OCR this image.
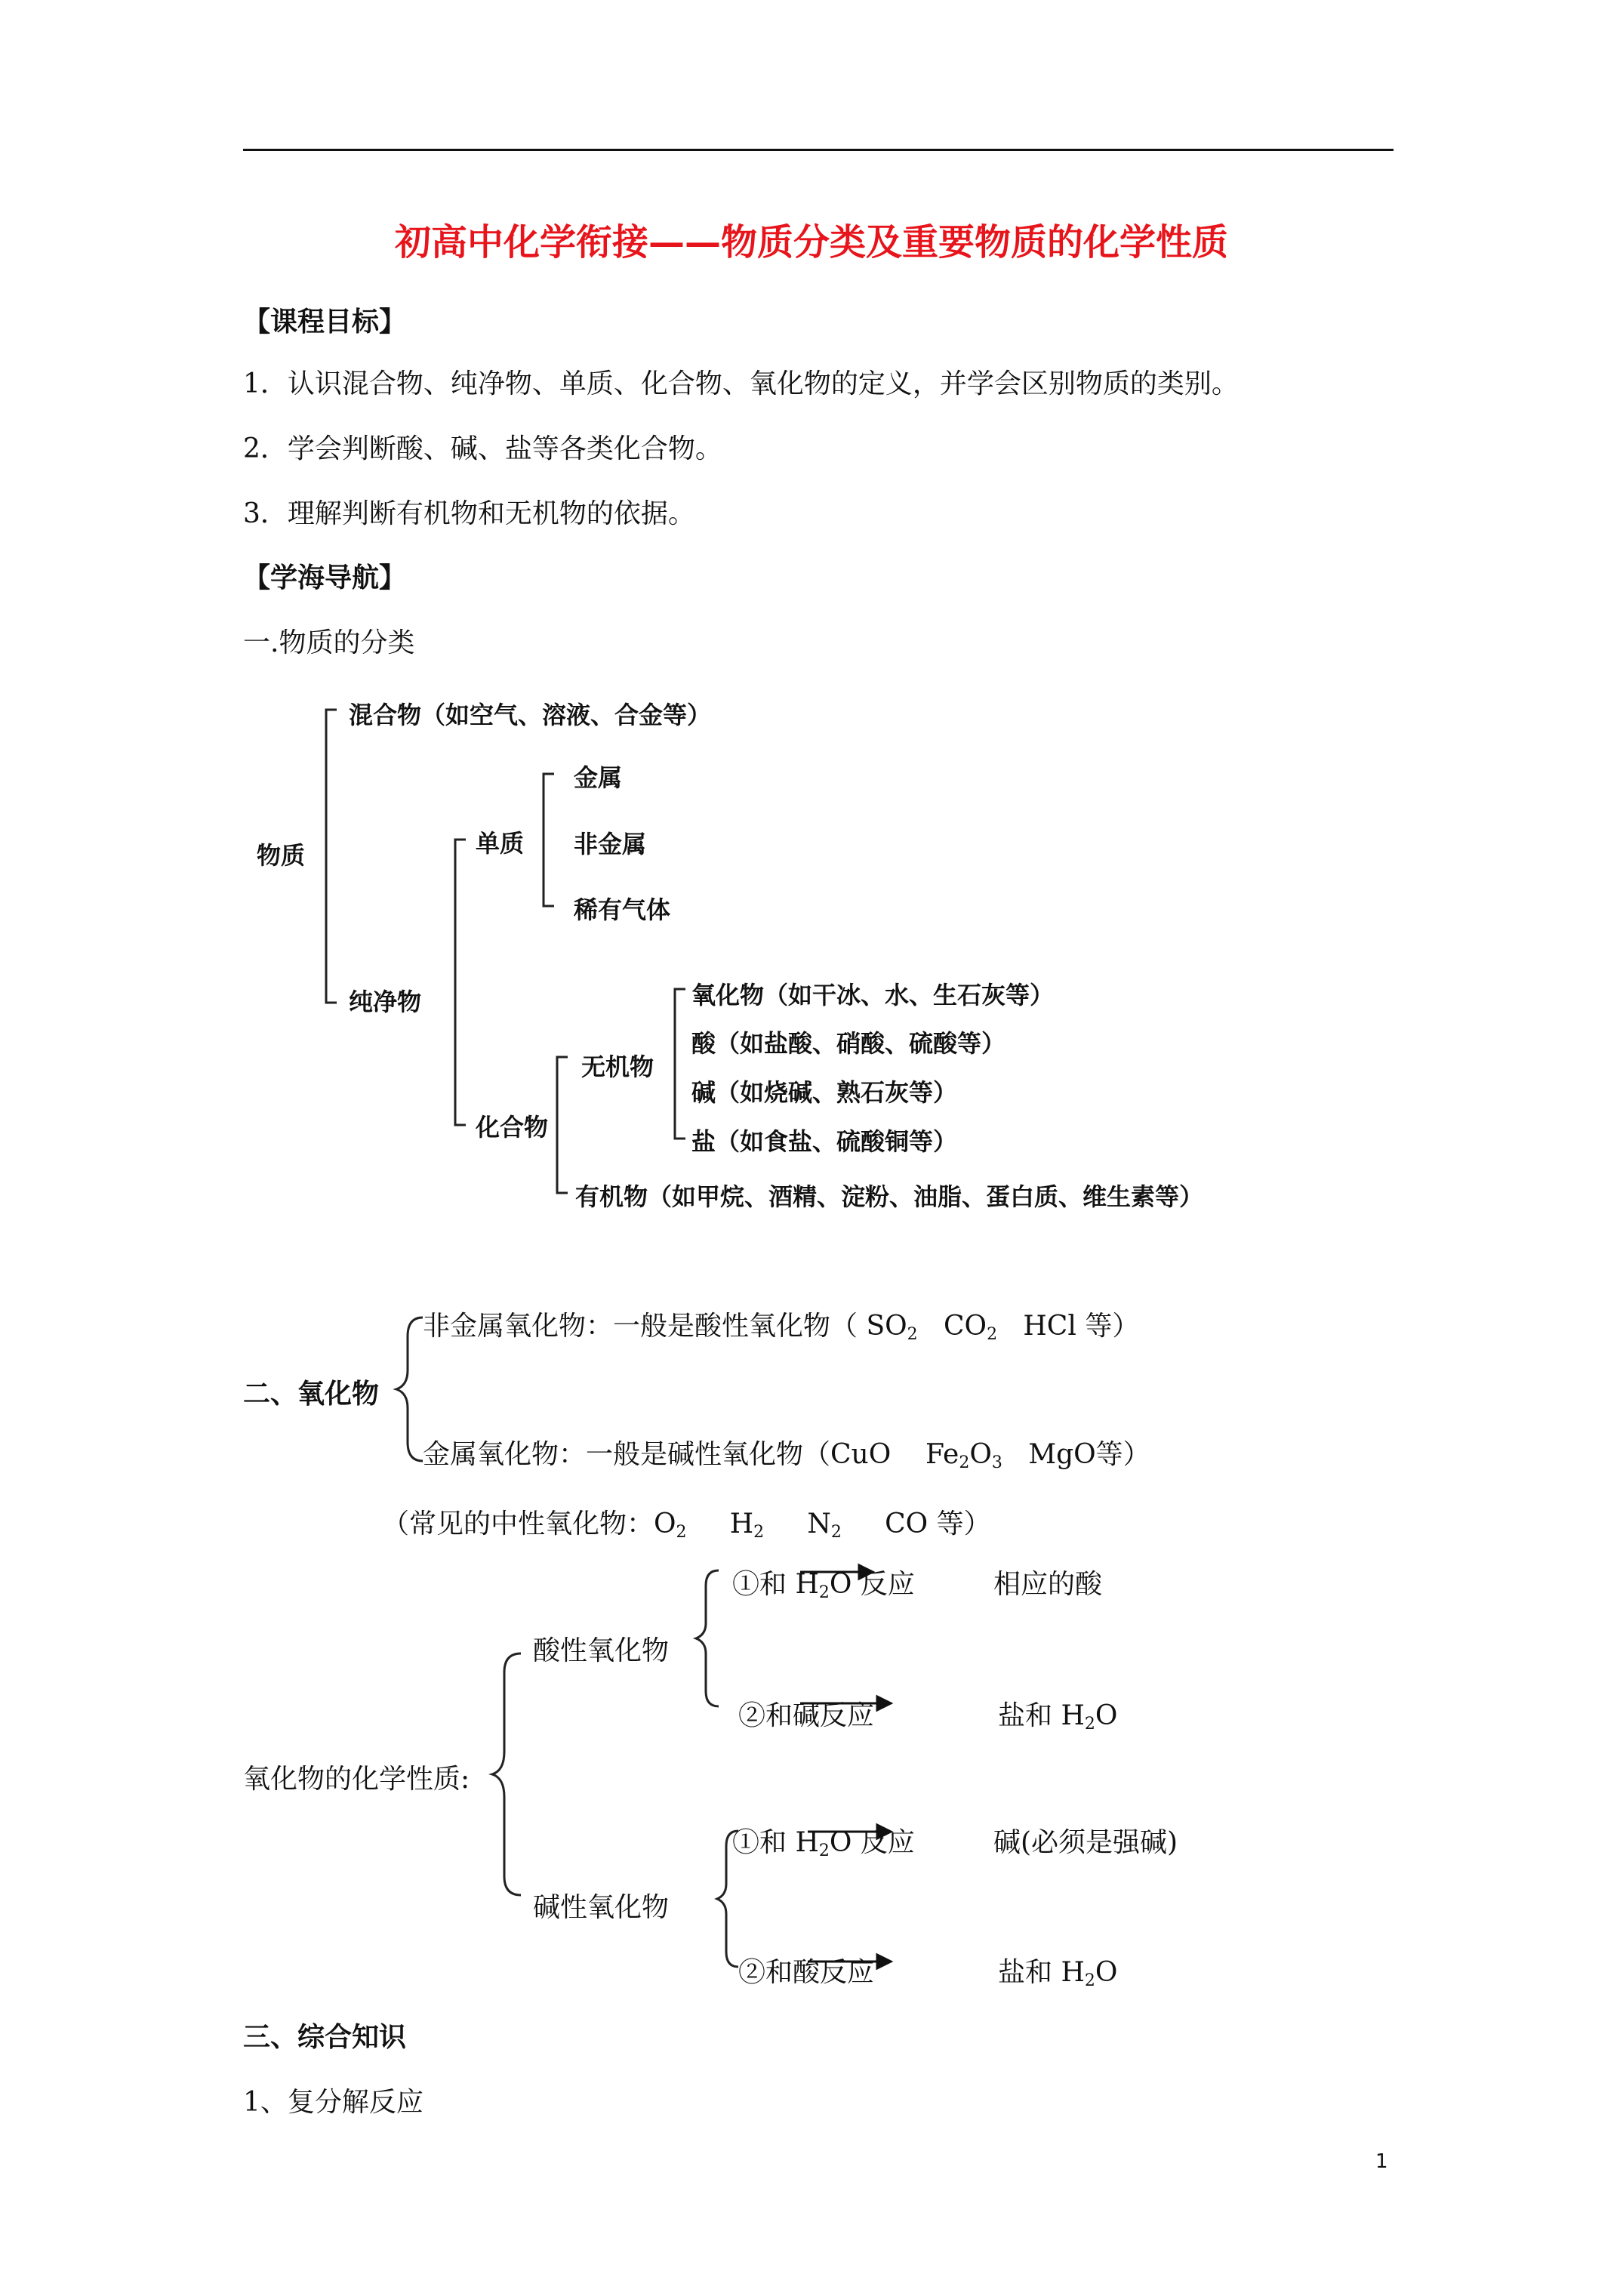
初高中化学衔接——物质分类及重要物质的化学性质
【课程目标】
1．认识混合物、纯净物、单质、化合物、氧化物的定义，并学会区别物质的类别。
2．学会判断酸、碱、盐等各类化合物。
3．理解判断有机物和无机物的依据。
【学海导航】
一.物质的分类
物质
混合物（如空气、溶液、合金等）
纯净物
单质
金属
非金属
稀有气体
化合物
无机物
氧化物（如干冰、水、生石灰等）
酸（如盐酸、硝酸、硫酸等）
碱（如烧碱、熟石灰等）
盐（如食盐、硫酸铜等）
有机物（如甲烷、酒精、淀粉、油脂、蛋白质、维生素等）
二、氧化物
非金属氧化物：一般是酸性氧化物（ $SO_2$ $CO_2$ HCl 等）
金属氧化物：一般是碱性氧化物（CuO $Fe_2O_3$ MgO等）
（常见的中性氧化物：$O_2$ $H_2$ $N_2$ CO 等）
氧化物的化学性质:
酸性氧化物
碱性氧化物
①和 $H_2O$ 反应	相应的酸
②和碱反应	盐和 $H_2O$
①和 $H_2O$ 反应	碱(必须是强碱)
②和酸反应	盐和 $H_2O$
三、综合知识
1、复分解反应
1
